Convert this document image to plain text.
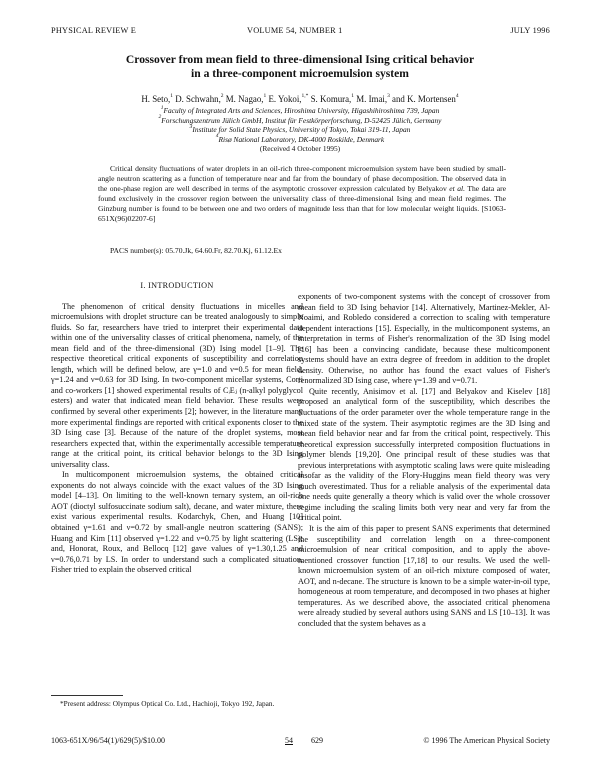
PHYSICAL REVIEW E	VOLUME 54, NUMBER 1	JULY 1996
Crossover from mean field to three-dimensional Ising critical behavior
in a three-component microemulsion system
H. Seto,$^1$ D. Schwahn,$^2$ M. Nagao,$^1$ E. Yokoi,$^{1,*}$ S. Komura,$^1$ M. Imai,$^3$ and K. Mortensen$^4$
$^1$Faculty of Integrated Arts and Sciences, Hiroshima University, Higashihiroshima 739, Japan
$^2$Forschungszentrum Jülich GmbH, Institut für Festkörperforschung, D-52425 Jülich, Germany
$^3$Institute for Solid State Physics, University of Tokyo, Tokai 319-11, Japan
$^4$Risø National Laboratory, DK-4000 Roskilde, Denmark
(Received 4 October 1995)
Critical density fluctuations of water droplets in an oil-rich three-component microemulsion system have been studied by small-angle neutron scattering as a function of temperature near and far from the boundary of phase decomposition. The observed data in the one-phase region are well described in terms of the asymptotic crossover expression calculated by Belyakov et al. The data are found exclusively in the crossover region between the universality class of three-dimensional Ising and mean field regimes. The Ginzburg number is found to be between one and two orders of magnitude less than that for low molecular weight liquids. [S1063-651X(96)02207-6]
PACS number(s): 05.70.Jk, 64.60.Fr, 82.70.Kj, 61.12.Ex
I. INTRODUCTION

The phenomenon of critical density fluctuations in micelles and microemulsions with droplet structure can be treated analogously to simple fluids. So far, researchers have tried to interpret their experimental data within one of the universality classes of critical phenomena, namely, of the mean field and of the three-dimensional (3D) Ising model [1–9]. The respective theoretical critical exponents of susceptibility and correlation length, which will be defined below, are γ=1.0 and ν=0.5 for mean field, γ=1.24 and ν=0.63 for 3D Ising. In two-component micellar systems, Corti and co-workers [1] showed experimental results of CᵢEⱼ (n-alkyl polyglycol esters) and water that indicated mean field behavior. These results were confirmed by several other experiments [2]; however, in the literature many more experimental findings are reported with critical exponents closer to the 3D Ising case [3]. Because of the nature of the droplet systems, most researchers expected that, within the experimentally accessible temperature range at the critical point, its critical behavior belongs to the 3D Ising universality class.

In multicomponent microemulsion systems, the obtained critical exponents do not always coincide with the exact values of the 3D Ising model [4–13]. On limiting to the well-known ternary system, an oil-rich AOT (dioctyl sulfosuccinate sodium salt), decane, and water mixture, there exist various experimental results. Kodarchyk, Chen, and Huang [10] obtained γ=1.61 and ν=0.72 by small-angle neutron scattering (SANS); Huang and Kim [11] observed γ=1.22 and ν=0.75 by light scattering (LS); and, Honorat, Roux, and Bellocq [12] gave values of γ=1.30,1.25 and ν=0.76,0.71 by LS. In order to understand such a complicated situation, Fisher tried to explain the observed critical

exponents of two-component systems with the concept of crossover from mean field to 3D Ising behavior [14]. Alternatively, Martinez-Mekler, Al-Noaimi, and Robledo considered a correction to scaling with temperature dependent interactions [15]. Especially, in the multicomponent systems, an interpretation in terms of Fisher's renormalization of the 3D Ising model [16] has been a convincing candidate, because these multicomponent systems should have an extra degree of freedom in addition to the droplet density. Otherwise, no author has found the exact values of Fisher's renormalized 3D Ising case, where γ=1.39 and ν=0.71.

Quite recently, Anisimov et al. [17] and Belyakov and Kiselev [18] proposed an analytical form of the susceptibility, which describes the fluctuations of the order parameter over the whole temperature range in the mixed state of the system. Their asymptotic regimes are the 3D Ising and mean field behavior near and far from the critical point, respectively. This theoretical expression successfully interpreted composition fluctuations in polymer blends [19,20]. One principal result of these studies was that previous interpretations with asymptotic scaling laws were quite misleading insofar as the validity of the Flory-Huggins mean field theory was very much overestimated. Thus for a reliable analysis of the experimental data one needs quite generally a theory which is valid over the whole crossover regime including the scaling limits both very near and very far from the critical point.

It is the aim of this paper to present SANS experiments that determined the susceptibility and correlation length on a three-component microemulsion of near critical composition, and to apply the above-mentioned crossover function [17,18] to our results. We used the well-known microemulsion system of an oil-rich mixture composed of water, AOT, and n-decane. The structure is known to be a simple water-in-oil type, homogeneous at room temperature, and decomposed in two phases at higher temperatures. As we described above, the associated critical phenomena were already studied by several authors using SANS and LS [10–13]. It was concluded that the system behaves as a

*Present address: Olympus Optical Co. Ltd., Hachioji, Tokyo 192, Japan.
1063-651X/96/54(1)/629(5)/$10.00	54 629	© 1996 The American Physical Society
